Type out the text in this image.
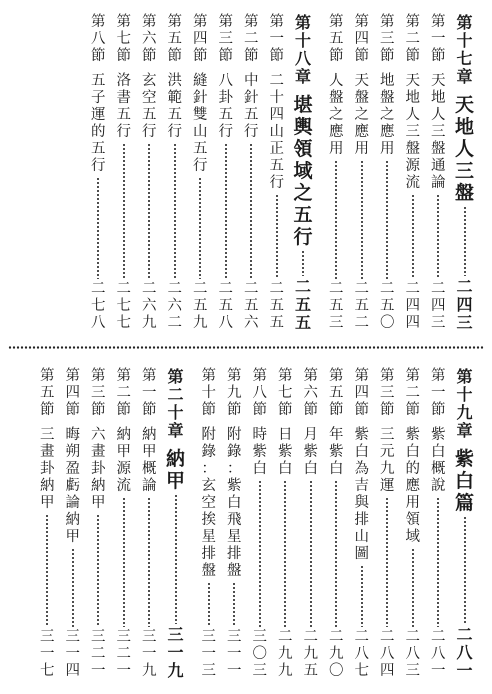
第
十
七
章
天
地
人
三
盤
二
四
三
第
一
節
天
地
人
三
盤
通
論
二
四
三
第
二
節
天
地
人
三
盤
源
流
二
四
四
第
三
節
地
盤
之
應
用
二
五
〇
第
四
節
天
盤
之
應
用
二
五
二
第
五
節
人
盤
之
應
用
二
五
三
第
十
八
章
堪
輿
領
域
之
五
行
二
五
五
第
一
節
二
十
四
山
正
五
行
二
五
五
第
二
節
中
針
五
行
二
五
六
第
三
節
八
卦
五
行
二
五
八
第
四
節
縫
針
雙
山
五
行
二
五
九
第
五
節
洪
範
五
行
二
六
二
第
六
節
玄
空
五
行
二
六
九
第
七
節
洛
書
五
行
二
七
七
第
八
節
五
子
運
的
五
行
二
七
八
第
十
九
章
紫
白
篇
二
八
一
第
一
節
紫
白
概
說
二
八
一
第
二
節
紫
白
的
應
用
領
域
二
八
三
第
三
節
三
元
九
運
二
八
四
第
四
節
紫
白
為
吉
與
排
山
圖
二
八
七
第
五
節
年
紫
白
二
九
〇
第
六
節
月
紫
白
二
九
五
第
七
節
日
紫
白
二
九
九
第
八
節
時
紫
白
三
〇
三
第
九
節
附
錄
：
紫
白
飛
星
排
盤
三
一
一
第
十
節
附
錄
：
玄
空
挨
星
排
盤
三
一
三
第
二
十
章
納
甲
三
一
九
第
一
節
納
甲
概
論
三
一
九
第
二
節
納
甲
源
流
三
二
一
第
三
節
六
畫
卦
納
甲
三
二
一
第
四
節
晦
朔
盈
虧
論
納
甲
三
一
四
第
五
節
三
畫
卦
納
甲
三
一
七
